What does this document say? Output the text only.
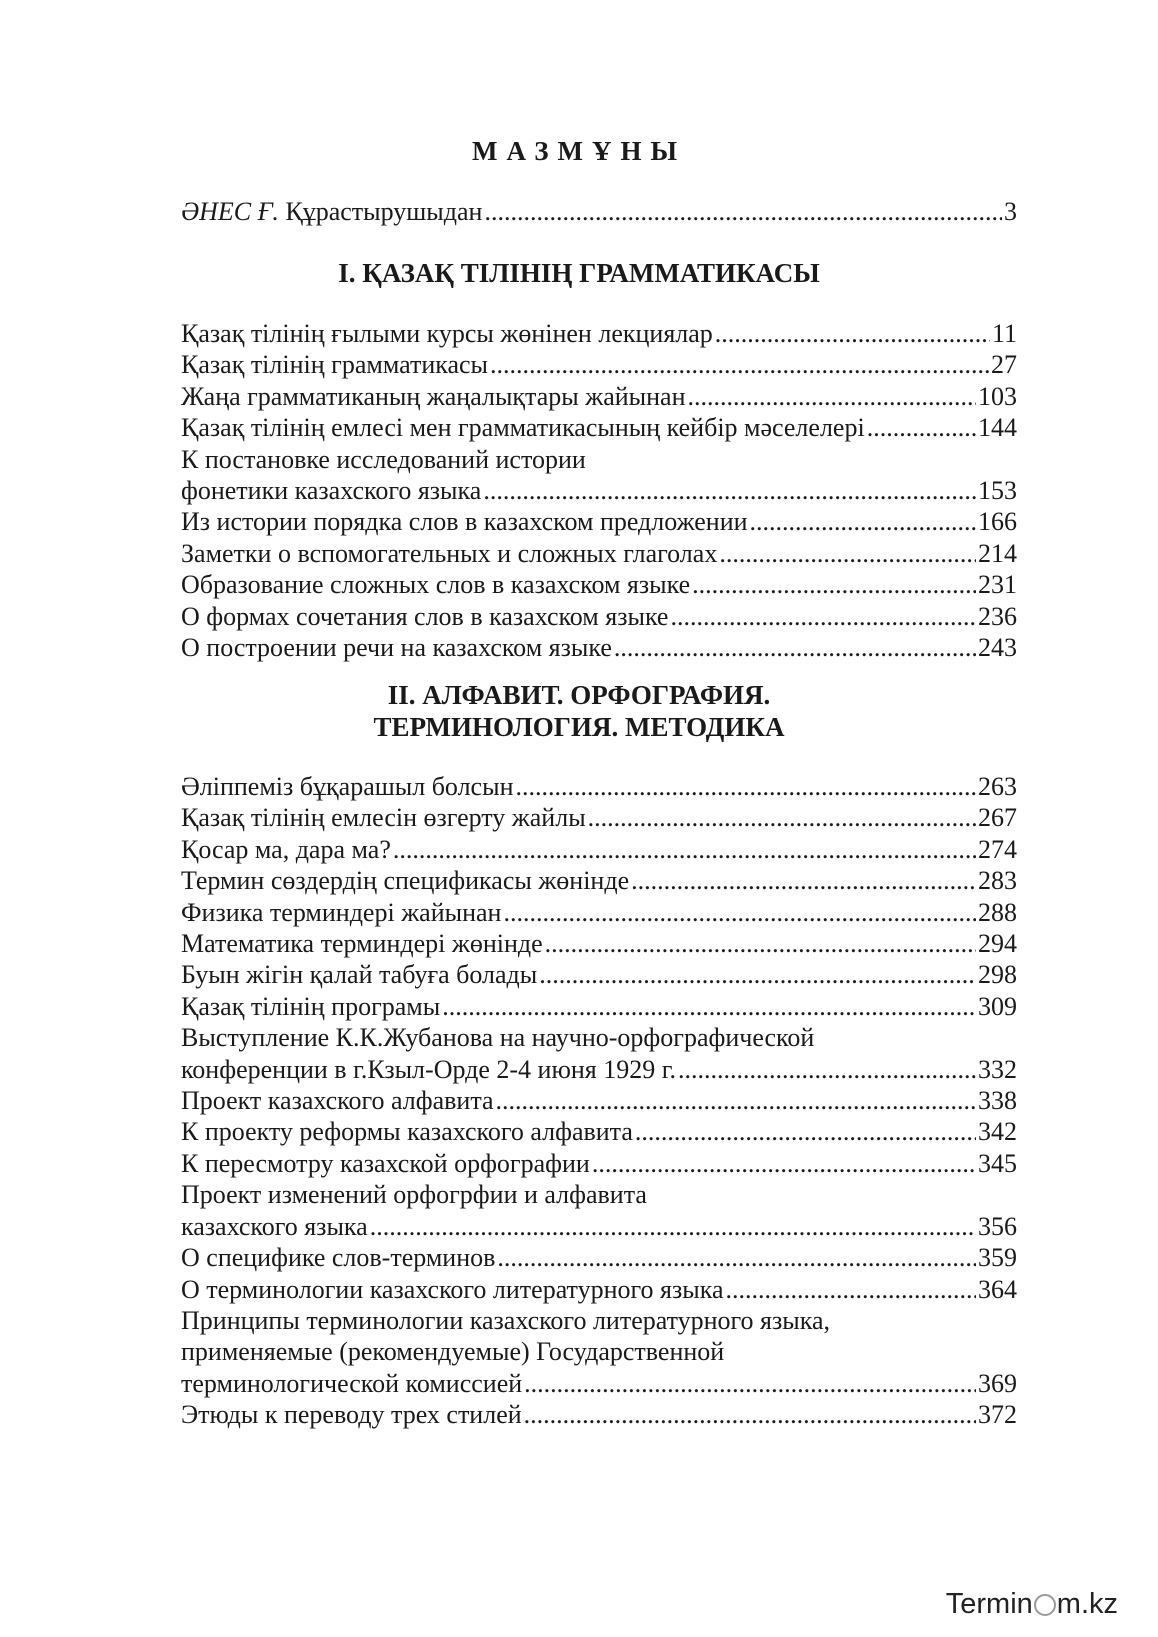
МАЗМҰНЫ
ӘНЕС Ғ. Құрастырушыдан .....	3
I. ҚАЗАҚ ТІЛІНІҢ ГРАММАТИКАСЫ
Қазақ тілінің ғылыми курсы жөнінен лекциялар .....	11
Қазақ тілінің грамматикасы .....	27
Жаңа грамматиканың жаңалықтары жайынан .....	103
Қазақ тілінің емлесі мен грамматикасының кейбір мәселелері .....	144
К постановке исследований истории
фонетики казахского языка .....	153
Из истории порядка слов в казахском предложении .....	166
Заметки о вспомогательных и сложных глаголах .....	214
Образование сложных слов в казахском языке .....	231
О формах сочетания слов в казахском языке .....	236
О построении речи на казахском языке .....	243
II. АЛФАВИТ. ОРФОГРАФИЯ.
ТЕРМИНОЛОГИЯ. МЕТОДИКА
Әліппеміз бұқарашыл болсын .....	263
Қазақ тілінің емлесін өзгерту жайлы .....	267
Қосар ма, дара ма? .....	274
Термин сөздердің спецификасы жөнінде .....	283
Физика терминдері жайынан .....	288
Математика терминдері жөнінде .....	294
Буын жігін қалай табуға болады .....	298
Қазақ тілінің програмы .....	309
Выступление К.К.Жубанова на научно-орфографической
конференции в г.Кзыл-Орде 2-4 июня 1929 г. .....	332
Проект казахского алфавита .....	338
К проекту реформы казахского алфавита .....	342
К пересмотру казахской орфографии .....	345
Проект изменений орфогрфии и алфавита
казахского языка .....	356
О специфике слов-терминов .....	359
О терминологии казахского литературного языка .....	364
Принципы терминологии казахского литературного языка,
применяемые (рекомендуемые) Государственной
терминологической комиссией .....	369
Этюды к переводу трех стилей .....	372
Termin m.kz
